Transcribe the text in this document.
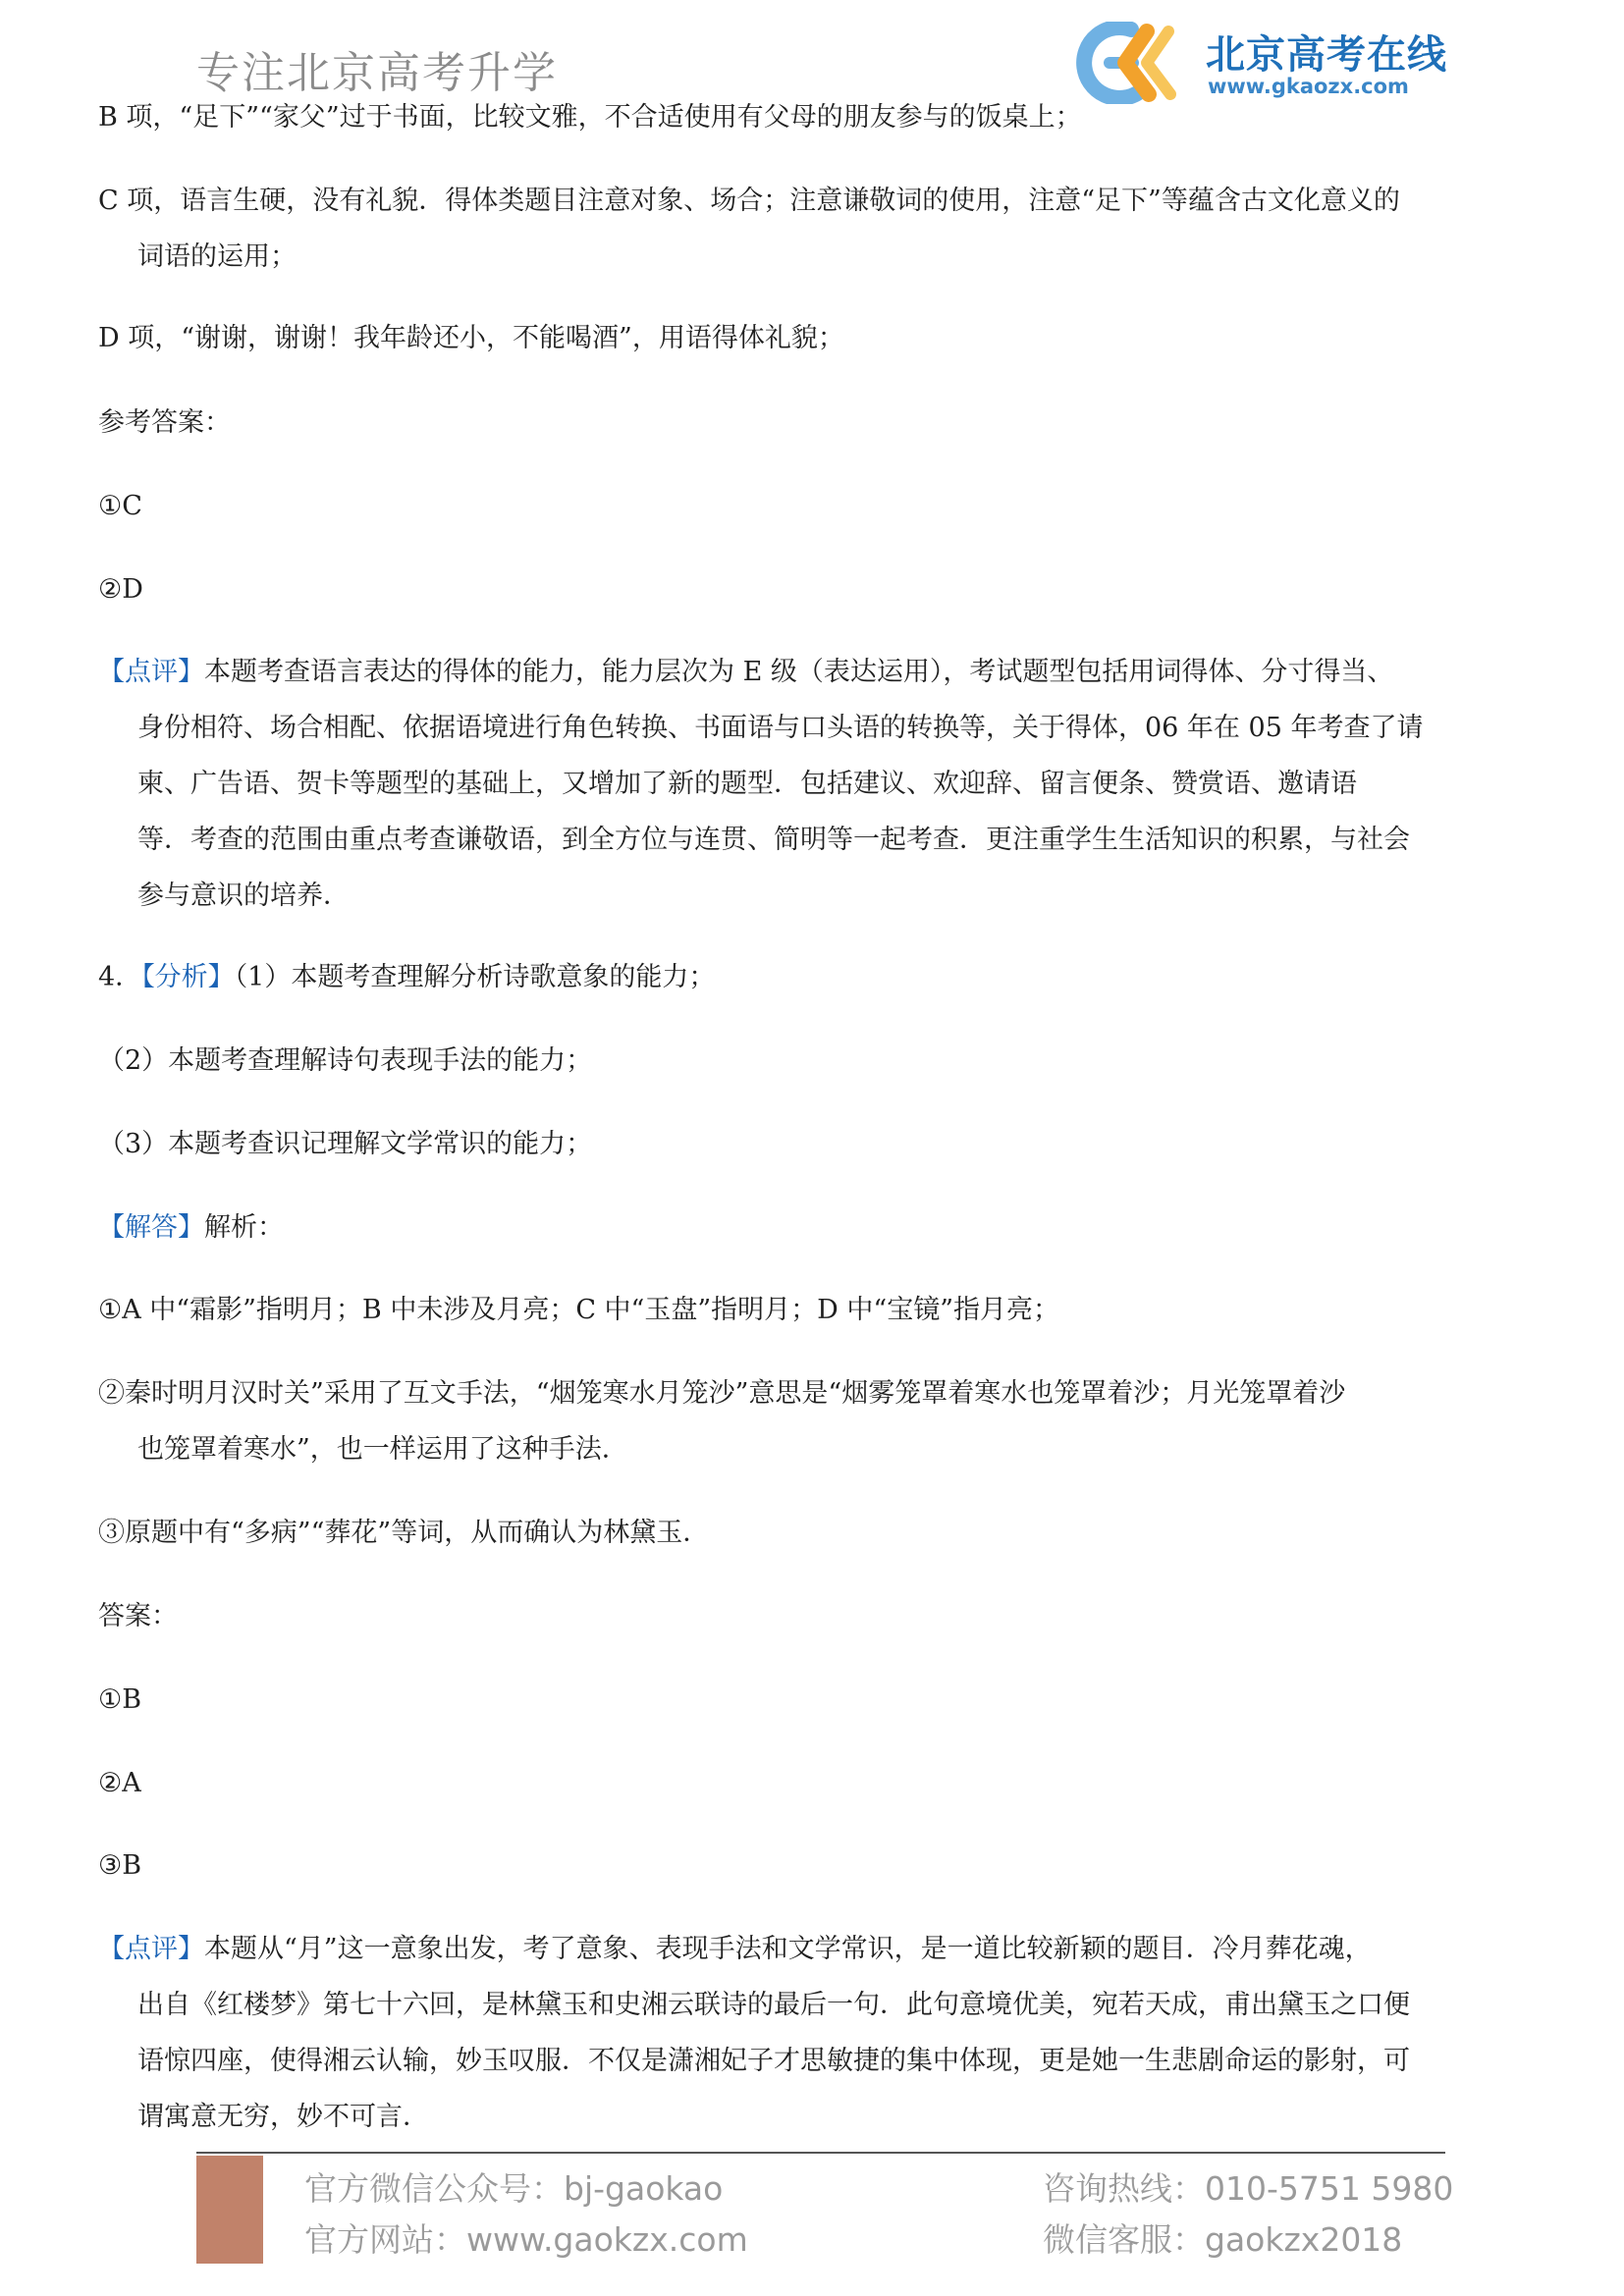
专注北京高考升学	北京高考在线
www.gkaozx.com
B 项，“足下”“家父”过于书面，比较文雅，不合适使用有父母的朋友参与的饭桌上；
C 项，语言生硬，没有礼貌．得体类题目注意对象、场合；注意谦敬词的使用，注意“足下”等蕴含古文化意义的
词语的运用；
D 项，“谢谢，谢谢！我年龄还小，不能喝酒”，用语得体礼貌；
参考答案：
①C
②D
【点评】本题考查语言表达的得体的能力，能力层次为 E 级（表达运用），考试题型包括用词得体、分寸得当、
身份相符、场合相配、依据语境进行角色转换、书面语与口头语的转换等，关于得体，06 年在 05 年考查了请
柬、广告语、贺卡等题型的基础上，又增加了新的题型．包括建议、欢迎辞、留言便条、赞赏语、邀请语
等．考查的范围由重点考查谦敬语，到全方位与连贯、简明等一起考查．更注重学生生活知识的积累，与社会
参与意识的培养．
4．【分析】（1）本题考查理解分析诗歌意象的能力；
（2）本题考查理解诗句表现手法的能力；
（3）本题考查识记理解文学常识的能力；
【解答】解析：
①A 中“霜影”指明月；B 中未涉及月亮；C 中“玉盘”指明月；D 中“宝镜”指月亮；
②秦时明月汉时关”采用了互文手法，“烟笼寒水月笼沙”意思是“烟雾笼罩着寒水也笼罩着沙；月光笼罩着沙
也笼罩着寒水”，也一样运用了这种手法．
③原题中有“多病”“葬花”等词，从而确认为林黛玉．
答案：
①B
②A
③B
【点评】本题从“月”这一意象出发，考了意象、表现手法和文学常识，是一道比较新颖的题目．冷月葬花魂，
出自《红楼梦》第七十六回，是林黛玉和史湘云联诗的最后一句．此句意境优美，宛若天成，甫出黛玉之口便
语惊四座，使得湘云认输，妙玉叹服．不仅是潇湘妃子才思敏捷的集中体现，更是她一生悲剧命运的影射，可
谓寓意无穷，妙不可言．
官方微信公众号：bj-gaokao
官方网站：www.gaokzx.com
咨询热线：010-5751 5980
微信客服：gaokzx2018
